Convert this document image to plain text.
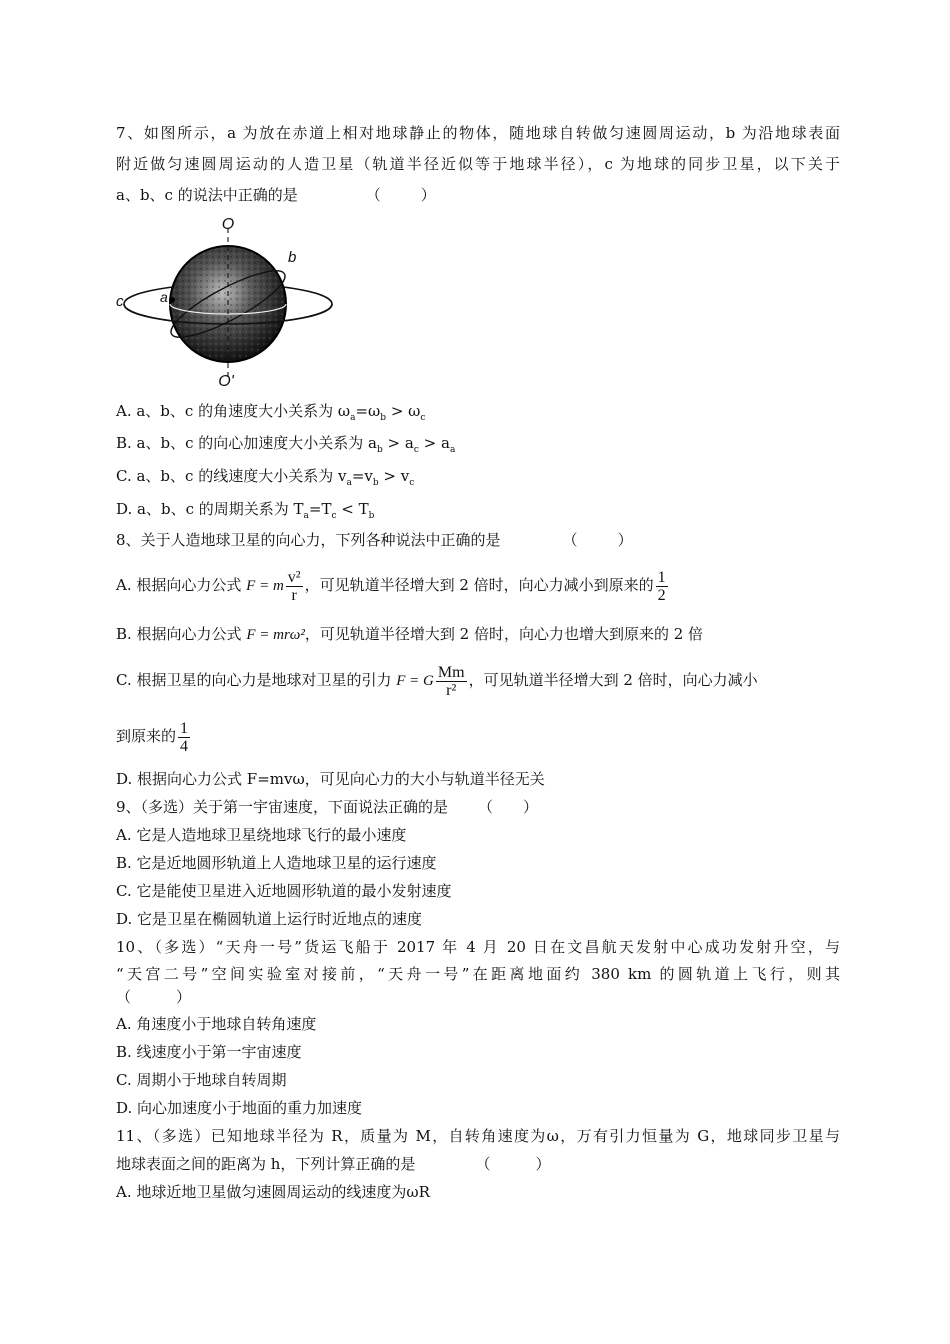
7、如图所示，a 为放在赤道上相对地球静止的物体，随地球自转做匀速圆周运动，b 为沿地球表面
附近做匀速圆周运动的人造卫星（轨道半径近似等于地球半径），c 为地球的同步卫星，以下关于
a、b、c 的说法中正确的是	（	）
O
O'
a
b
c
A. a、b、c 的角速度大小关系为 $\omega_a=\omega_b > \omega_c$
B. a、b、c 的向心加速度大小关系为 $a_b > a_c > a_a$
C. a、b、c 的线速度大小关系为 $v_a=v_b > v_c$
D. a、b、c 的周期关系为 $T_a=T_c < T_b$
8、关于人造地球卫星的向心力，下列各种说法中正确的是	（	）
A. 根据向心力公式 F = m $\frac{\text{v²}}{r}$ ，可见轨道半径增大到 2 倍时，向心力减小到原来的 $\frac{1}{2}$
B. 根据向心力公式 F = mrω²，可见轨道半径增大到 2 倍时，向心力也增大到原来的 2 倍
C. 根据卫星的向心力是地球对卫星的引力 F = G $\frac{Mm}{\text{r²}}$ ，可见轨道半径增大到 2 倍时，向心力减小
到原来的 $\frac{1}{4}$
D. 根据向心力公式 F=mvω，可见向心力的大小与轨道半径无关
9、（多选）关于第一宇宙速度，下面说法正确的是 （　　）
A. 它是人造地球卫星绕地球飞行的最小速度
B. 它是近地圆形轨道上人造地球卫星的运行速度
C. 它是能使卫星进入近地圆形轨道的最小发射速度
D. 它是卫星在椭圆轨道上运行时近地点的速度
10、（多选）“天舟一号”货运飞船于 2017 年 4 月 20 日在文昌航天发射中心成功发射升空，与
“天宫二号”空间实验室对接前，“天舟一号”在距离地面约 380 km 的圆轨道上飞行，则其
（　　　）
A. 角速度小于地球自转角速度
B. 线速度小于第一宇宙速度
C. 周期小于地球自转周期
D. 向心加速度小于地面的重力加速度
11、（多选）已知地球半径为 R，质量为 M，自转角速度为ω，万有引力恒量为 G，地球同步卫星与
地球表面之间的距离为 h，下列计算正确的是	（　　　）
A. 地球近地卫星做匀速圆周运动的线速度为ωR
